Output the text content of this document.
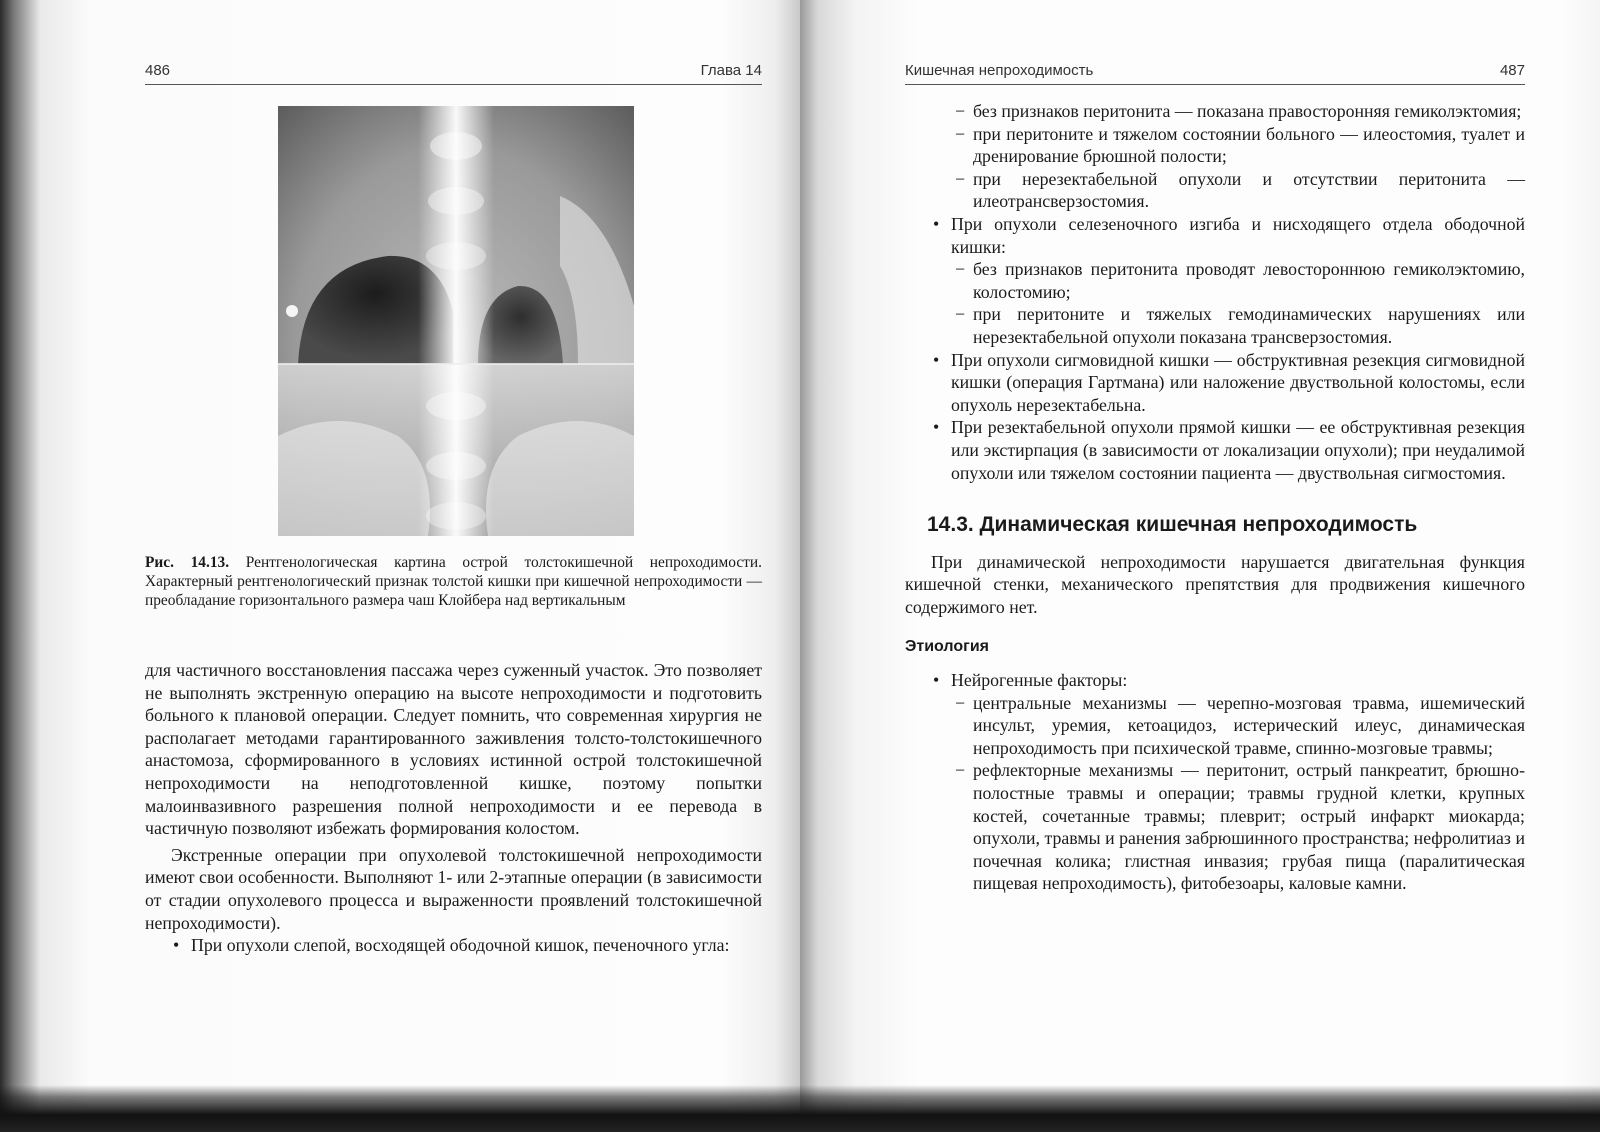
486	Глава 14

Рис. 14.13. Рентгенологическая картина острой толстокишечной непроходимости. Характерный рентгенологический признак толстой кишки при кишечной непроходимости — преобладание горизонтального размера чаш Клойбера над вертикальным

для частичного восстановления пассажа через суженный участок. Это позволяет не выполнять экстренную операцию на высоте непроходимости и подготовить больного к плановой операции. Следует помнить, что современная хирургия не располагает методами гарантированного заживления толсто-толстокишечного анастомоза, сформированного в условиях истинной острой толстокишечной непроходимости на неподготовленной кишке, поэтому попытки малоинвазивного разрешения полной непроходимости и ее перевода в частичную позволяют избежать формирования колостом.

Экстренные операции при опухолевой толстокишечной непроходимости имеют свои особенности. Выполняют 1- или 2-этапные операции (в зависимости от стадии опухолевого процесса и выраженности проявлений толстокишечной непроходимости).

• При опухоли слепой, восходящей ободочной кишок, печеночного угла:
Кишечная непроходимость	487
− без признаков перитонита — показана правосторонняя гемиколэктомия;
− при перитоните и тяжелом состоянии больного — илеостомия, туалет и дренирование брюшной полости;
− при нерезектабельной опухоли и отсутствии перитонита — илеотрансверзостомия.
• При опухоли селезеночного изгиба и нисходящего отдела ободочной кишки:
− без признаков перитонита проводят левостороннюю гемиколэктомию, колостомию;
− при перитоните и тяжелых гемодинамических нарушениях или нерезектабельной опухоли показана трансверзостомия.
• При опухоли сигмовидной кишки — обструктивная резекция сигмовидной кишки (операция Гартмана) или наложение двуствольной колостомы, если опухоль нерезектабельна.
• При резектабельной опухоли прямой кишки — ее обструктивная резекция или экстирпация (в зависимости от локализации опухоли); при неудалимой опухоли или тяжелом состоянии пациента — двуствольная сигмостомия.
14.3. Динамическая кишечная непроходимость

При динамической непроходимости нарушается двигательная функция кишечной стенки, механического препятствия для продвижения кишечного содержимого нет.

Этиология
• Нейрогенные факторы:
− центральные механизмы — черепно-мозговая травма, ишемический инсульт, уремия, кетоацидоз, истерический илеус, динамическая непроходимость при психической травме, спинно-мозговые травмы;
− рефлекторные механизмы — перитонит, острый панкреатит, брюшно-полостные травмы и операции; травмы грудной клетки, крупных костей, сочетанные травмы; плеврит; острый инфаркт миокарда; опухоли, травмы и ранения забрюшинного пространства; нефролитиаз и почечная колика; глистная инвазия; грубая пища (паралитическая пищевая непроходимость), фитобезоары, каловые камни.
